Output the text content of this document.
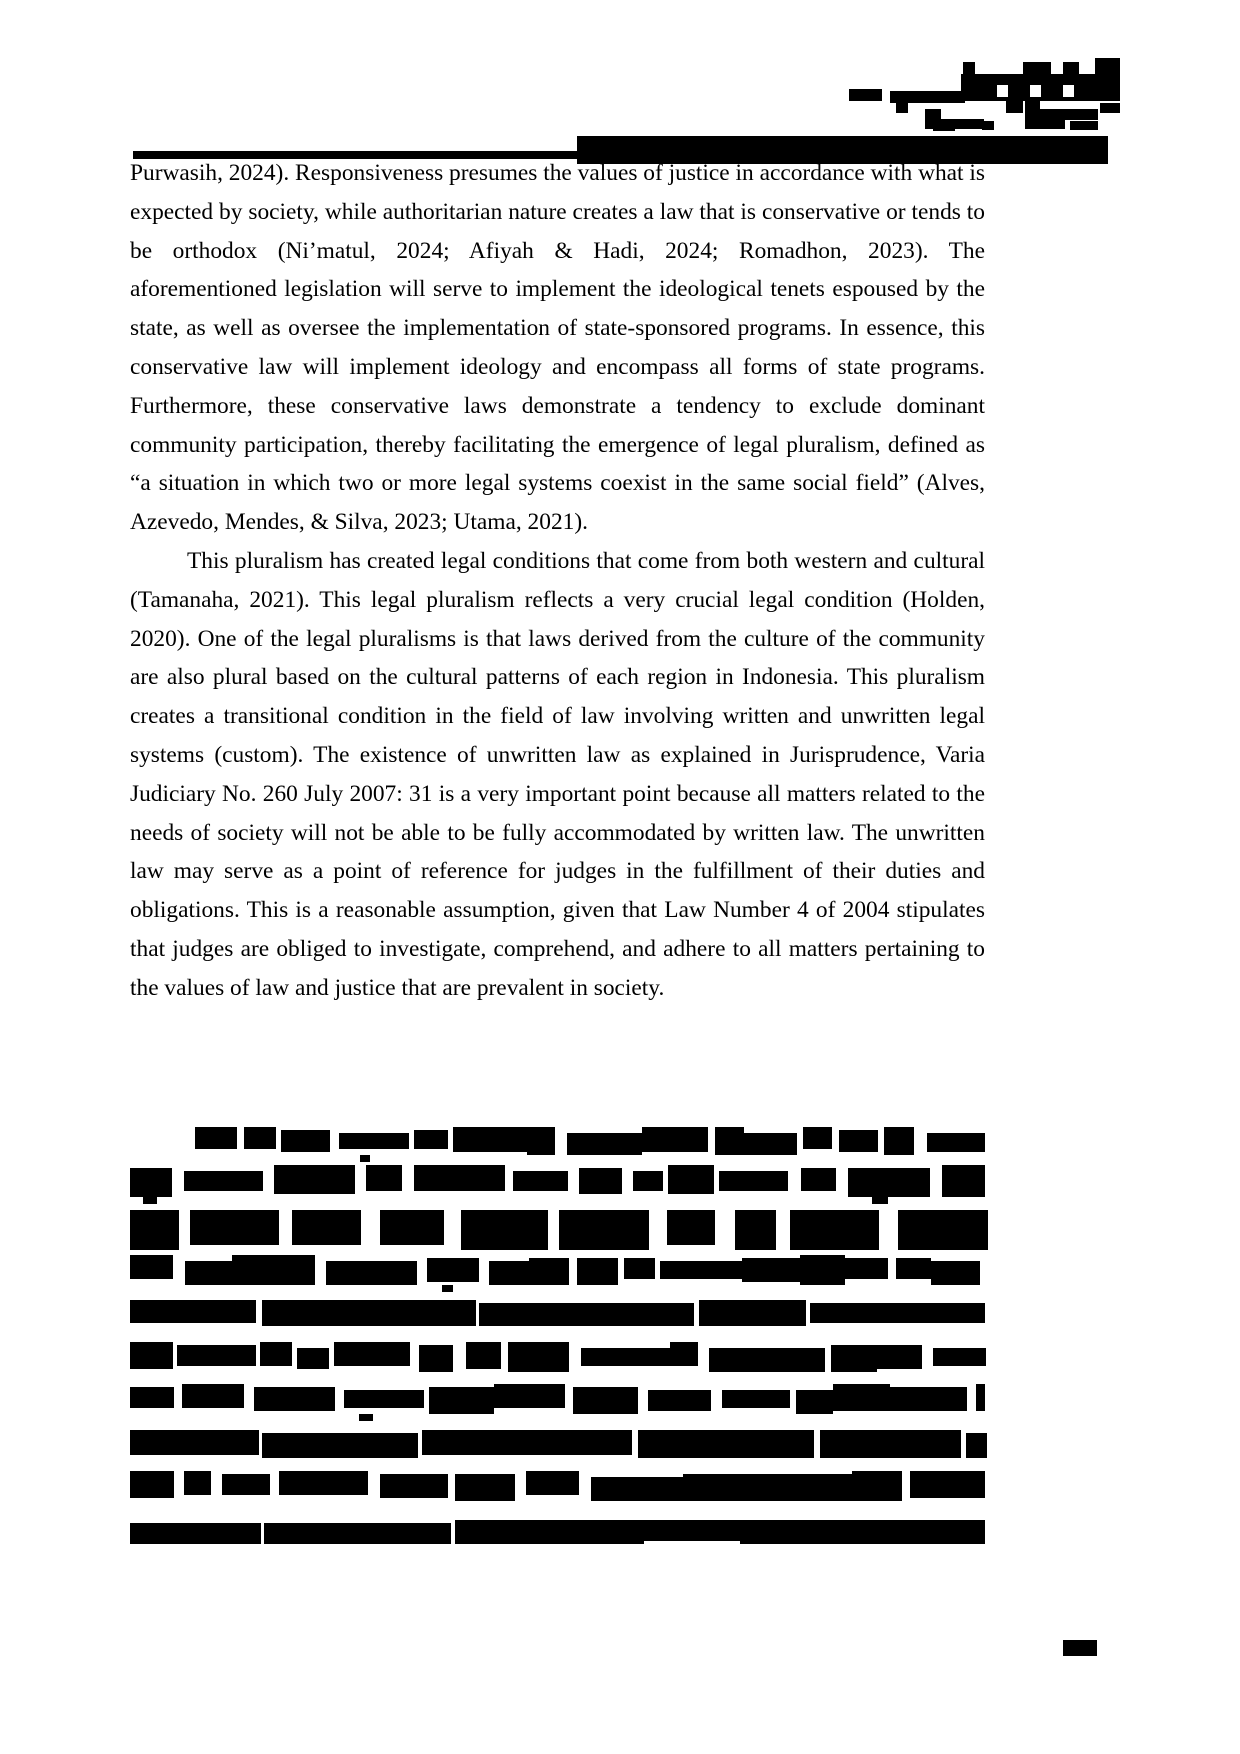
Purwasih, 2024). Responsiveness presumes the values of justice in accordance with what is expected by society, while authoritarian nature creates a law that is conservative or tends to be orthodox (Ni’matul, 2024; Afiyah & Hadi, 2024; Romadhon, 2023). The aforementioned legislation will serve to implement the ideological tenets espoused by the state, as well as oversee the implementation of state-sponsored programs. In essence, this conservative law will implement ideology and encompass all forms of state programs. Furthermore, these conservative laws demonstrate a tendency to exclude dominant community participation, thereby facilitating the emergence of legal pluralism, defined as “a situation in which two or more legal systems coexist in the same social field” (Alves, Azevedo, Mendes, & Silva, 2023; Utama, 2021).

This pluralism has created legal conditions that come from both western and cultural (Tamanaha, 2021). This legal pluralism reflects a very crucial legal condition (Holden, 2020). One of the legal pluralisms is that laws derived from the culture of the community are also plural based on the cultural patterns of each region in Indonesia. This pluralism creates a transitional condition in the field of law involving written and unwritten legal systems (custom). The existence of unwritten law as explained in Jurisprudence, Varia Judiciary No. 260 July 2007: 31 is a very important point because all matters related to the needs of society will not be able to be fully accommodated by written law. The unwritten law may serve as a point of reference for judges in the fulfillment of their duties and obligations. This is a reasonable assumption, given that Law Number 4 of 2004 stipulates that judges are obliged to investigate, comprehend, and adhere to all matters pertaining to the values of law and justice that are prevalent in society.
